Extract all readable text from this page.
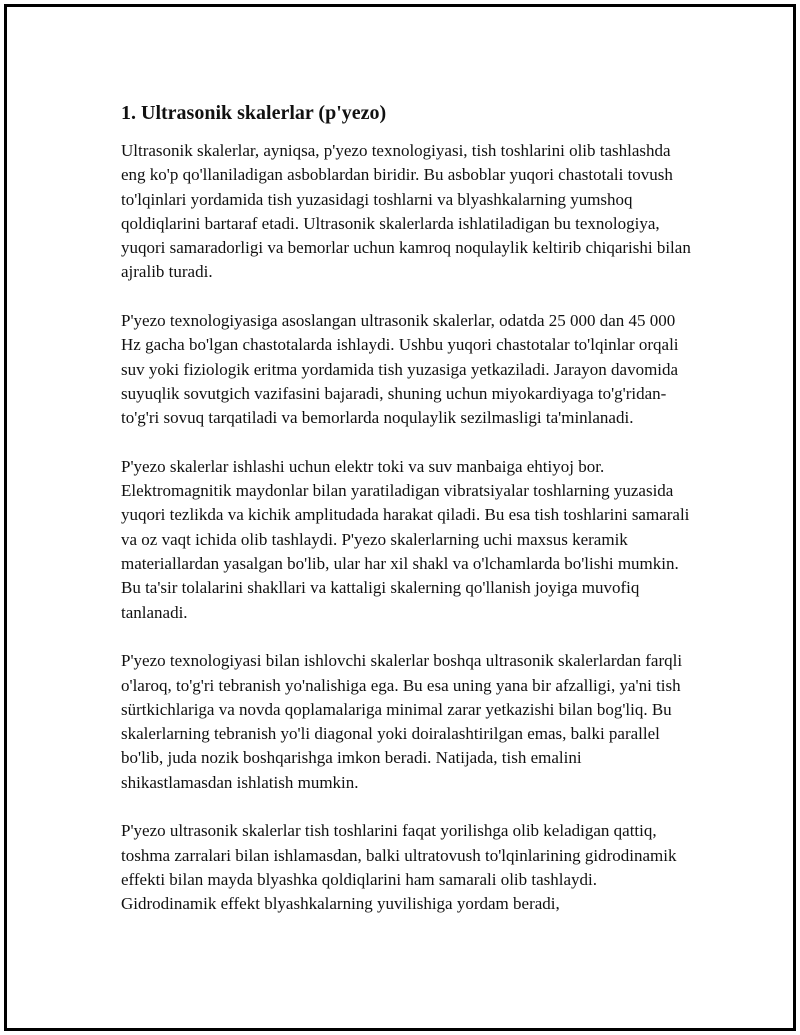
1. Ultrasonik skalerlar (p'yezo)

Ultrasonik skalerlar, ayniqsa, p'yezo texnologiyasi, tish toshlarini olib tashlashda eng ko'p qo'llaniladigan asboblardan biridir. Bu asboblar yuqori chastotali tovush to'lqinlari yordamida tish yuzasidagi toshlarni va blyashkalarning yumshoq qoldiqlarini bartaraf etadi. Ultrasonik skalerlarda ishlatiladigan bu texnologiya, yuqori samaradorligi va bemorlar uchun kamroq noqulaylik keltirib chiqarishi bilan ajralib turadi.

P'yezo texnologiyasiga asoslangan ultrasonik skalerlar, odatda 25 000 dan 45 000 Hz gacha bo'lgan chastotalarda ishlaydi. Ushbu yuqori chastotalar to'lqinlar orqali suv yoki fiziologik eritma yordamida tish yuzasiga yetkaziladi. Jarayon davomida suyuqlik sovutgich vazifasini bajaradi, shuning uchun miyokardiyaga to'g'ridan-to'g'ri sovuq tarqatiladi va bemorlarda noqulaylik sezilmasligi ta'minlanadi.

P'yezo skalerlar ishlashi uchun elektr toki va suv manbaiga ehtiyoj bor. Elektromagnitik maydonlar bilan yaratiladigan vibratsiyalar toshlarning yuzasida yuqori tezlikda va kichik amplitudada harakat qiladi. Bu esa tish toshlarini samarali va oz vaqt ichida olib tashlaydi. P'yezo skalerlarning uchi maxsus keramik materiallardan yasalgan bo'lib, ular har xil shakl va o'lchamlarda bo'lishi mumkin. Bu ta'sir tolalarini shakllari va kattaligi skalerning qo'llanish joyiga muvofiq tanlanadi.

P'yezo texnologiyasi bilan ishlovchi skalerlar boshqa ultrasonik skalerlardan farqli o'laroq, to'g'ri tebranish yo'nalishiga ega. Bu esa uning yana bir afzalligi, ya'ni tish sürtkichlariga va novda qoplamalariga minimal zarar yetkazishi bilan bog'liq. Bu skalerlarning tebranish yo'li diagonal yoki doiralashtirilgan emas, balki parallel bo'lib, juda nozik boshqarishga imkon beradi. Natijada, tish emalini shikastlamasdan ishlatish mumkin.

P'yezo ultrasonik skalerlar tish toshlarini faqat yorilishga olib keladigan qattiq, toshma zarralari bilan ishlamasdan, balki ultratovush to'lqinlarining gidrodinamik effekti bilan mayda blyashka qoldiqlarini ham samarali olib tashlaydi. Gidrodinamik effekt blyashkalarning yuvilishiga yordam beradi,
